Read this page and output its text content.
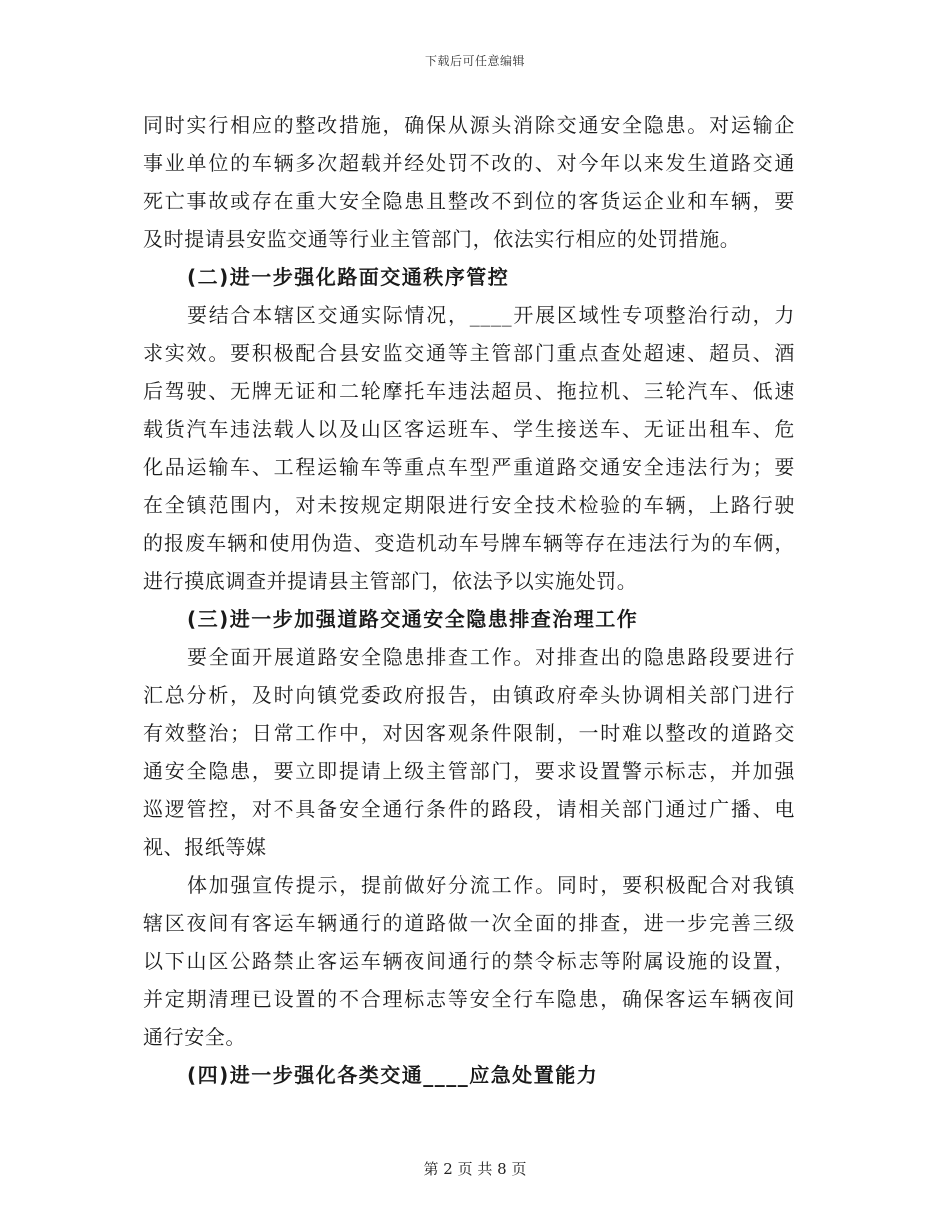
下载后可任意编辑
同时实行相应的整改措施，确保从源头消除交通安全隐患。对运输企
事业单位的车辆多次超载并经处罚不改的、对今年以来发生道路交通
死亡事故或存在重大安全隐患且整改不到位的客货运企业和车辆，要
及时提请县安监交通等行业主管部门，依法实行相应的处罚措施。
(二)进一步强化路面交通秩序管控
要结合本辖区交通实际情况，____开展区域性专项整治行动，力
求实效。要积极配合县安监交通等主管部门重点查处超速、超员、酒
后驾驶、无牌无证和二轮摩托车违法超员、拖拉机、三轮汽车、低速
载货汽车违法载人以及山区客运班车、学生接送车、无证出租车、危
化品运输车、工程运输车等重点车型严重道路交通安全违法行为；要
在全镇范围内，对未按规定期限进行安全技术检验的车辆，上路行驶
的报废车辆和使用伪造、变造机动车号牌车辆等存在违法行为的车俩，
进行摸底调查并提请县主管部门，依法予以实施处罚。
(三)进一步加强道路交通安全隐患排查治理工作
要全面开展道路安全隐患排查工作。对排查出的隐患路段要进行
汇总分析，及时向镇党委政府报告，由镇政府牵头协调相关部门进行
有效整治；日常工作中，对因客观条件限制，一时难以整改的道路交
通安全隐患，要立即提请上级主管部门，要求设置警示标志，并加强
巡逻管控，对不具备安全通行条件的路段，请相关部门通过广播、电
视、报纸等媒
体加强宣传提示，提前做好分流工作。同时，要积极配合对我镇
辖区夜间有客运车辆通行的道路做一次全面的排查，进一步完善三级
以下山区公路禁止客运车辆夜间通行的禁令标志等附属设施的设置，
并定期清理已设置的不合理标志等安全行车隐患，确保客运车辆夜间
通行安全。
(四)进一步强化各类交通____应急处置能力
第 2 页 共 8 页
